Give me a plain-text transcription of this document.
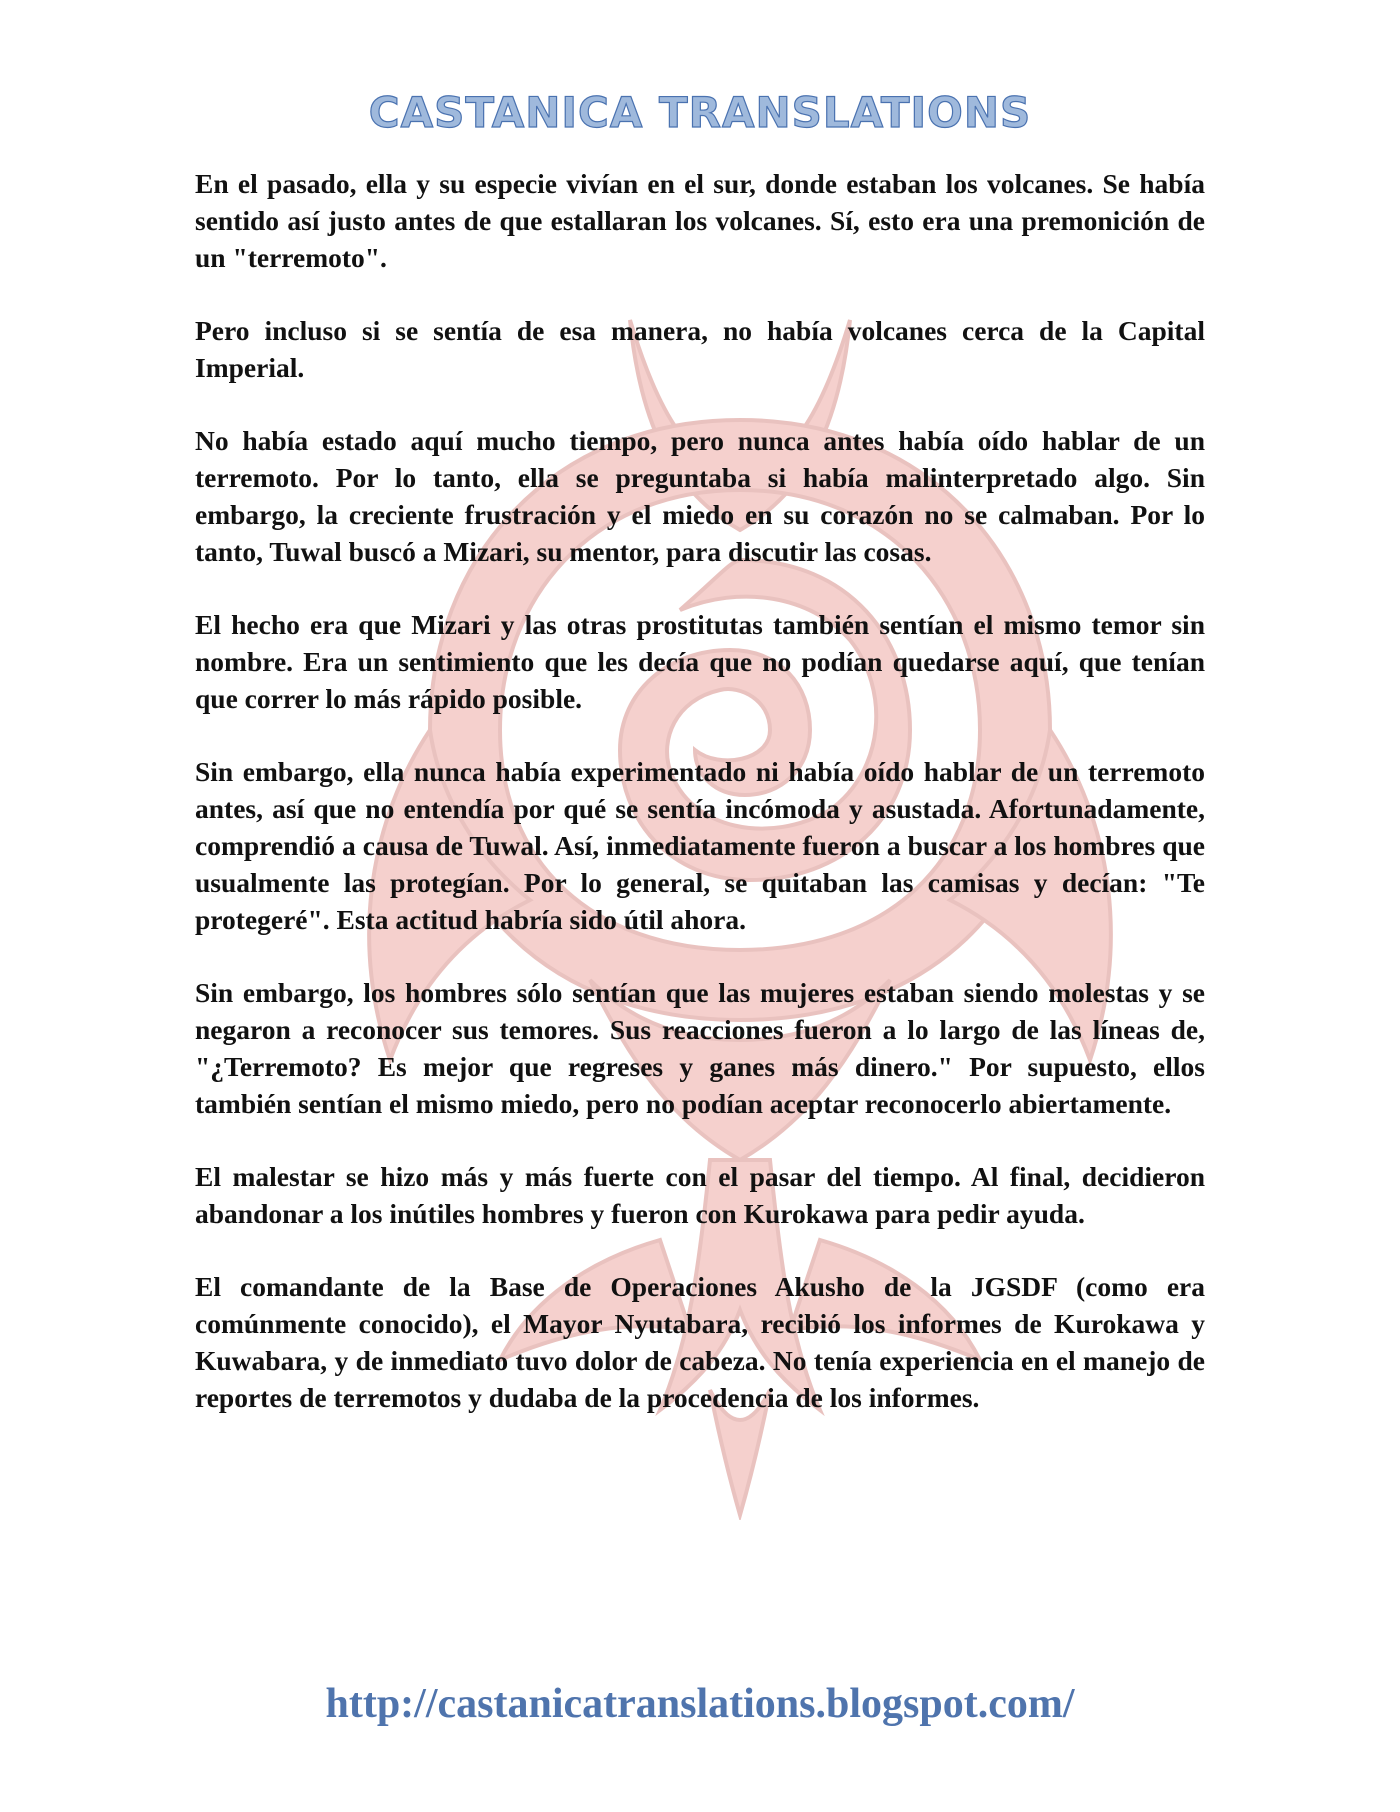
CASTANICA TRANSLATIONS

En el pasado, ella y su especie vivían en el sur, donde estaban los volcanes. Se había sentido así justo antes de que estallaran los volcanes. Sí, esto era una premonición de un "terremoto".

Pero incluso si se sentía de esa manera, no había volcanes cerca de la Capital Imperial.

No había estado aquí mucho tiempo, pero nunca antes había oído hablar de un terremoto. Por lo tanto, ella se preguntaba si había malinterpretado algo. Sin embargo, la creciente frustración y el miedo en su corazón no se calmaban. Por lo tanto, Tuwal buscó a Mizari, su mentor, para discutir las cosas.

El hecho era que Mizari y las otras prostitutas también sentían el mismo temor sin nombre. Era un sentimiento que les decía que no podían quedarse aquí, que tenían que correr lo más rápido posible.

Sin embargo, ella nunca había experimentado ni había oído hablar de un terremoto antes, así que no entendía por qué se sentía incómoda y asustada. Afortunadamente, comprendió a causa de Tuwal. Así, inmediatamente fueron a buscar a los hombres que usualmente las protegían. Por lo general, se quitaban las camisas y decían: "Te protegeré". Esta actitud habría sido útil ahora.

Sin embargo, los hombres sólo sentían que las mujeres estaban siendo molestas y se negaron a reconocer sus temores. Sus reacciones fueron a lo largo de las líneas de, "¿Terremoto? Es mejor que regreses y ganes más dinero." Por supuesto, ellos también sentían el mismo miedo, pero no podían aceptar reconocerlo abiertamente.

El malestar se hizo más y más fuerte con el pasar del tiempo. Al final, decidieron abandonar a los inútiles hombres y fueron con Kurokawa para pedir ayuda.

El comandante de la Base de Operaciones Akusho de la JGSDF (como era comúnmente conocido), el Mayor Nyutabara, recibió los informes de Kurokawa y Kuwabara, y de inmediato tuvo dolor de cabeza. No tenía experiencia en el manejo de reportes de terremotos y dudaba de la procedencia de los informes.

http://castanicatranslations.blogspot.com/
